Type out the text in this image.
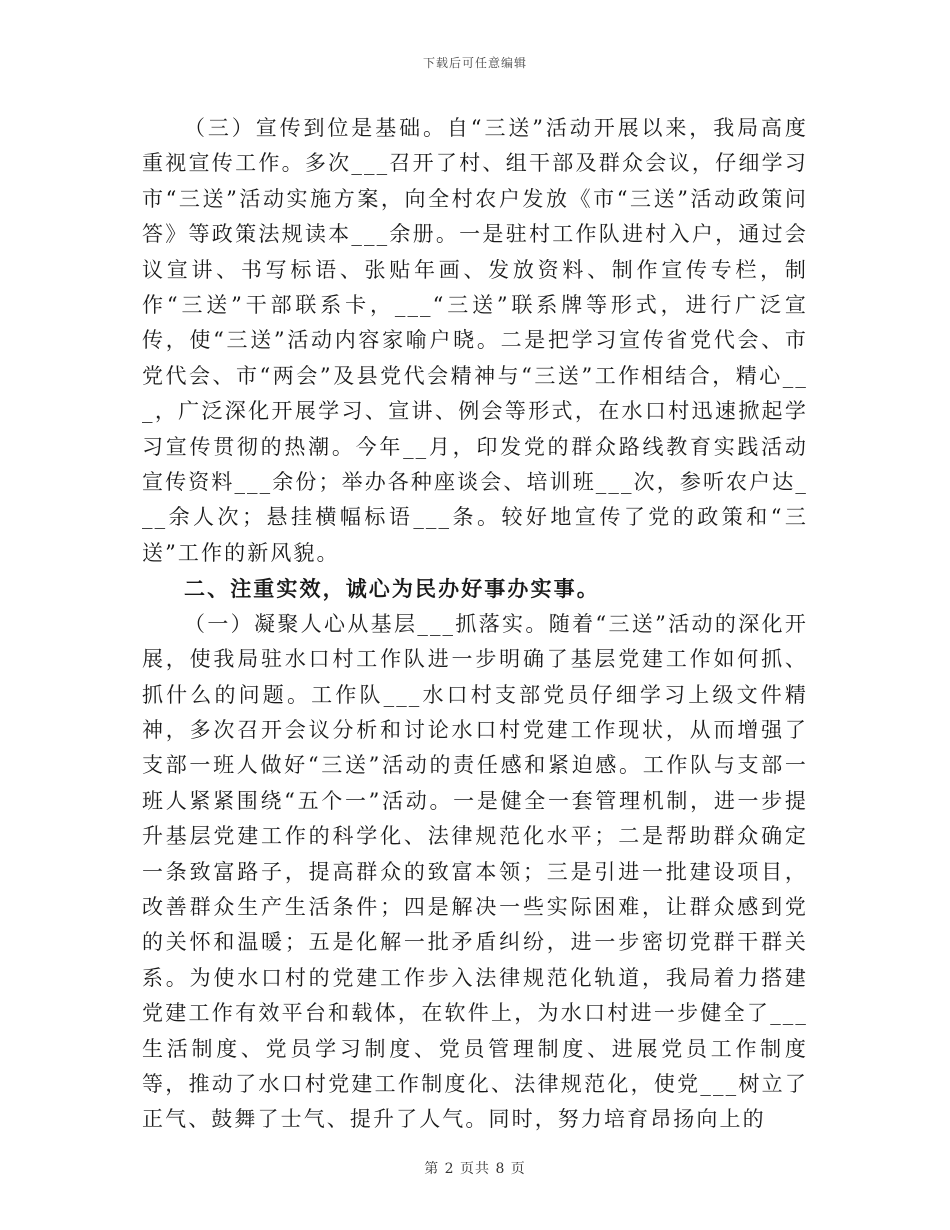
下载后可任意编辑

（三）宣传到位是基础。自“三送”活动开展以来，我局高度重视宣传工作。多次___召开了村、组干部及群众会议，仔细学习市“三送”活动实施方案，向全村农户发放《市“三送”活动政策问答》等政策法规读本___余册。一是驻村工作队进村入户，通过会议宣讲、书写标语、张贴年画、发放资料、制作宣传专栏，制作“三送”干部联系卡，___“三送”联系牌等形式，进行广泛宣传，使“三送”活动内容家喻户晓。二是把学习宣传省党代会、市党代会、市“两会”及县党代会精神与“三送”工作相结合，精心___，广泛深化开展学习、宣讲、例会等形式，在水口村迅速掀起学习宣传贯彻的热潮。今年__月，印发党的群众路线教育实践活动宣传资料___余份；举办各种座谈会、培训班___次，参听农户达___余人次；悬挂横幅标语___条。较好地宣传了党的政策和“三送”工作的新风貌。

二、注重实效，诚心为民办好事办实事。

（一）凝聚人心从基层___抓落实。随着“三送”活动的深化开展，使我局驻水口村工作队进一步明确了基层党建工作如何抓、抓什么的问题。工作队___水口村支部党员仔细学习上级文件精神，多次召开会议分析和讨论水口村党建工作现状，从而增强了支部一班人做好“三送”活动的责任感和紧迫感。工作队与支部一班人紧紧围绕“五个一”活动。一是健全一套管理机制，进一步提升基层党建工作的科学化、法律规范化水平；二是帮助群众确定一条致富路子，提高群众的致富本领；三是引进一批建设项目，改善群众生产生活条件；四是解决一些实际困难，让群众感到党的关怀和温暖；五是化解一批矛盾纠纷，进一步密切党群干群关系。为使水口村的党建工作步入法律规范化轨道，我局着力搭建党建工作有效平台和载体，在软件上，为水口村进一步健全了___生活制度、党员学习制度、党员管理制度、进展党员工作制度等，推动了水口村党建工作制度化、法律规范化，使党___树立了正气、鼓舞了士气、提升了人气。同时，努力培育昂扬向上的

第 2 页共 8 页
